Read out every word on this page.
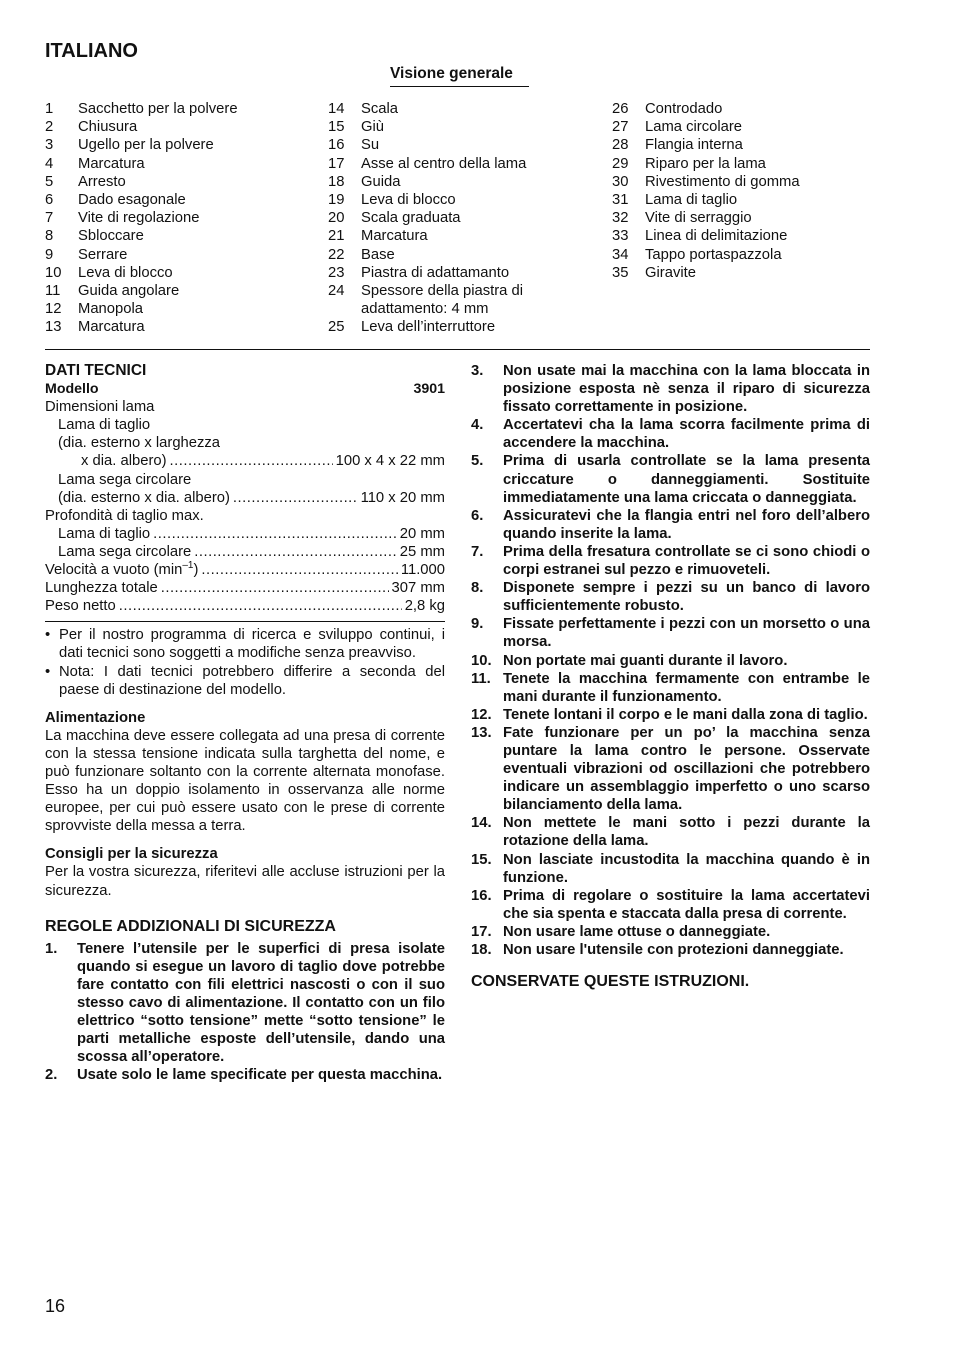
ITALIANO
Visione generale
1	Sacchetto per la polvere
2	Chiusura
3	Ugello per la polvere
4	Marcatura
5	Arresto
6	Dado esagonale
7	Vite di regolazione
8	Sbloccare
9	Serrare
10	Leva di blocco
11	Guida angolare
12	Manopola
13	Marcatura
14	Scala
15	Giù
16	Su
17	Asse al centro della lama
18	Guida
19	Leva di blocco
20	Scala graduata
21	Marcatura
22	Base
23	Piastra di adattamanto
24	Spessore della piastra di adattamento: 4 mm
25	Leva dell’interruttore
26	Controdado
27	Lama circolare
28	Flangia interna
29	Riparo per la lama
30	Rivestimento di gomma
31	Lama di taglio
32	Vite di serraggio
33	Linea di delimitazione
34	Tappo portaspazzola
35	Giravite
DATI TECNICI
Modello	3901
Dimensioni lama
Lama di taglio
(dia. esterno x larghezza
x dia. albero) .....	100 x 4 x 22 mm
Lama sega circolare
(dia. esterno x dia. albero) .....	110 x 20 mm
Profondità di taglio max.
Lama di taglio .....	20 mm
Lama sega circolare .....	25 mm
Velocità a vuoto $(\min^{-1})$ .....	11.000
Lunghezza totale .....	307 mm
Peso netto .....	2,8 kg
• Per il nostro programma di ricerca e sviluppo continui, i dati tecnici sono soggetti a modifiche senza preavviso.
• Nota: I dati tecnici potrebbero differire a seconda del paese di destinazione del modello.
Alimentazione
La macchina deve essere collegata ad una presa di corrente con la stessa tensione indicata sulla targhetta del nome, e può funzionare soltanto con la corrente alternata monofase. Esso ha un doppio isolamento in osservanza alle norme europee, per cui può essere usato con le prese di corrente sprovviste della messa a terra.
Consigli per la sicurezza
Per la vostra sicurezza, riferitevi alle accluse istruzioni per la sicurezza.
REGOLE ADDIZIONALI DI SICUREZZA
1.	Tenere l’utensile per le superfici di presa isolate quando si esegue un lavoro di taglio dove potrebbe fare contatto con fili elettrici nascosti o con il suo stesso cavo di alimentazione. Il contatto con un filo elettrico “sotto tensione” mette “sotto tensione” le parti metalliche esposte dell’utensile, dando una scossa all’operatore.
2.	Usate solo le lame specificate per questa macchina.
3.	Non usate mai la macchina con la lama bloccata in posizione esposta nè senza il riparo di sicurezza fissato correttamente in posizione.
4.	Accertatevi cha la lama scorra facilmente prima di accendere la macchina.
5.	Prima di usarla controllate se la lama presenta criccature o danneggiamenti. Sostituite immediatamente una lama criccata o danneggiata.
6.	Assicuratevi che la flangia entri nel foro dell’albero quando inserite la lama.
7.	Prima della fresatura controllate se ci sono chiodi o corpi estranei sul pezzo e rimuoveteli.
8.	Disponete sempre i pezzi su un banco di lavoro sufficientemente robusto.
9.	Fissate perfettamente i pezzi con un morsetto o una morsa.
10. Non portate mai guanti durante il lavoro.
11. Tenete la macchina fermamente con entrambe le mani durante il funzionamento.
12. Tenete lontani il corpo e le mani dalla zona di taglio.
13. Fate funzionare per un po’ la macchina senza puntare la lama contro le persone. Osservate eventuali vibrazioni od oscillazioni che potrebbero indicare un assemblaggio imperfetto o uno scarso bilanciamento della lama.
14. Non mettete le mani sotto i pezzi durante la rotazione della lama.
15. Non lasciate incustodita la macchina quando è in funzione.
16. Prima di regolare o sostituire la lama accertatevi che sia spenta e staccata dalla presa di corrente.
17. Non usare lame ottuse o danneggiate.
18. Non usare l'utensile con protezioni danneggiate.
CONSERVATE QUESTE ISTRUZIONI.
16
